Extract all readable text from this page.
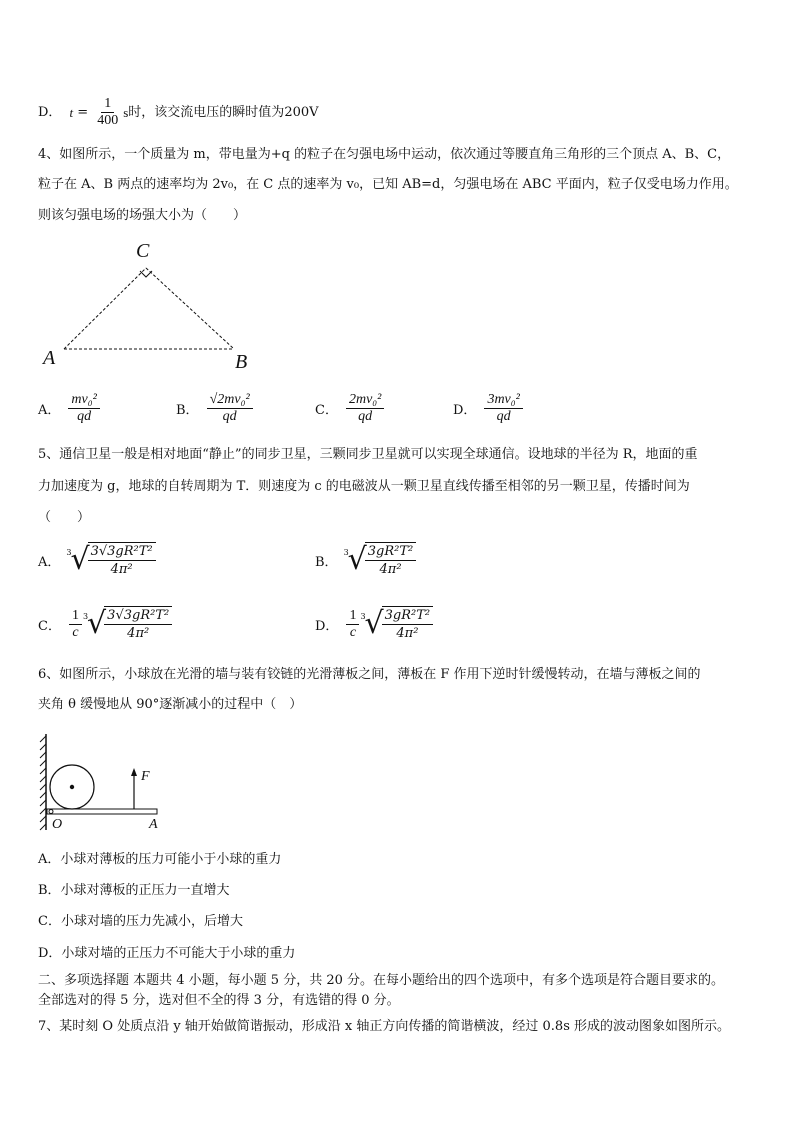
D． $t = \frac{1}{400}$ s 时，该交流电压的瞬时值为 200V
4、如图所示，一个质量为 m，带电量为+q 的粒子在匀强电场中运动，依次通过等腰直角三角形的三个顶点 A、B、C，
粒子在 A、B 两点的速率均为 2v₀，在 C 点的速率为 v₀，已知 AB=d，匀强电场在 ABC 平面内，粒子仅受电场力作用。
则该匀强电场的场强大小为（　　）
C
A	B
A． $\frac{\text{mv₀²}}{qd}$	B． $\frac{\text{√2mv₀²}}{qd}$	C． $\frac{\text{2mv₀²}}{qd}$	D． $\frac{\text{3mv₀²}}{qd}$
5、通信卫星一般是相对地面“静止”的同步卫星，三颗同步卫星就可以实现全球通信。设地球的半径为 R，地面的重
力加速度为 g，地球的自转周期为 T．则速度为 c 的电磁波从一颗卫星直线传播至相邻的另一颗卫星，传播时间为
（　　）
A．
3 √
$\frac{\text{3√3gR²T²}}{\text{4π²}}$	B．
3 √
$\frac{\text{3gR²T²}}{\text{4π²}}$
C． $\frac{1}{c} 3$ √
$\frac{\text{3√3gR²T²}}{\text{4π²}}$	D． $\frac{1}{c} 3$ √
$\frac{\text{3gR²T²}}{\text{4π²}}$
6、如图所示，小球放在光滑的墙与装有铰链的光滑薄板之间，薄板在 F 作用下逆时针缓慢转动，在墙与薄板之间的
夹角 θ 缓慢地从 90°逐渐减小的过程中（　）
F
O	A
A．小球对薄板的压力可能小于小球的重力
B．小球对薄板的正压力一直增大
C．小球对墙的压力先减小，后增大
D．小球对墙的正压力不可能大于小球的重力
二、多项选择题 本题共 4 小题，每小题 5 分，共 20 分。在每小题给出的四个选项中，有多个选项是符合题目要求的。
全部选对的得 5 分，选对但不全的得 3 分，有选错的得 0 分。
7、某时刻 O 处质点沿 y 轴开始做简谐振动，形成沿 x 轴正方向传播的简谐横波，经过 0.8s 形成的波动图象如图所示。
